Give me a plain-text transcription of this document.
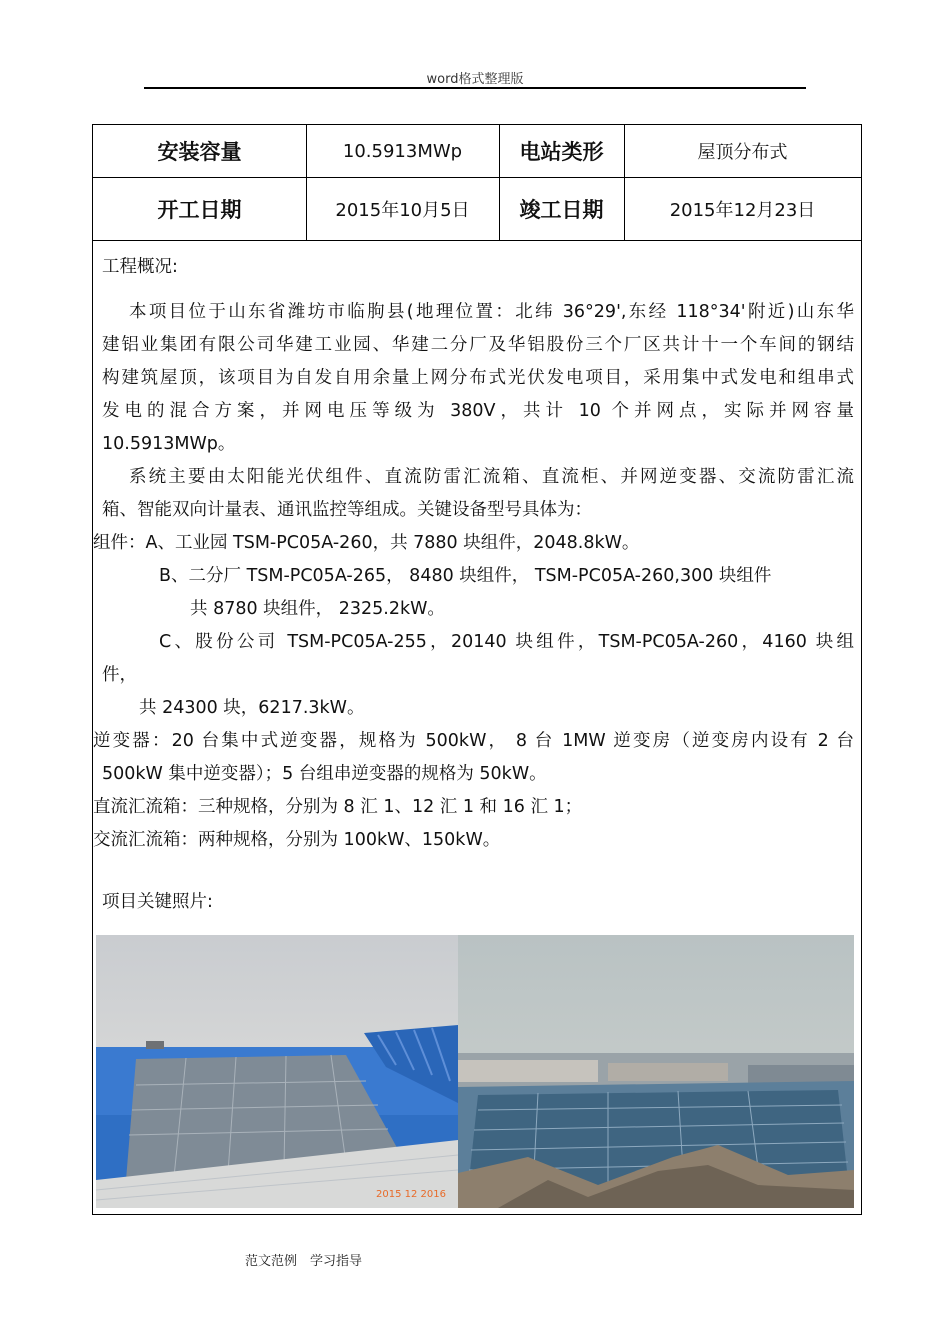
word格式整理版
安装容量	10.5913MWp	电站类形	屋顶分布式
开工日期	2015年10月5日	竣工日期	2015年12月23日
工程概况:
本项目位于山东省潍坊市临朐县(地理位置：北纬 36°29',东经 118°34'附近)山东华
建铝业集团有限公司华建工业园、华建二分厂及华铝股份三个厂区共计十一个车间的钢结
构建筑屋顶，该项目为自发自用余量上网分布式光伏发电项目，采用集中式发电和组串式
发电的混合方案，并网电压等级为 380V，共计 10 个并网点，实际并网容量
10.5913MWp。
系统主要由太阳能光伏组件、直流防雷汇流箱、直流柜、并网逆变器、交流防雷汇流
箱、智能双向计量表、通讯监控等组成。关键设备型号具体为：
组件：A、工业园 TSM-PC05A-260，共 7880 块组件，2048.8kW。
B、二分厂 TSM-PC05A-265， 8480 块组件， TSM-PC05A-260,300 块组件
共 8780 块组件， 2325.2kW。
C、股份公司 TSM-PC05A-255，20140 块组件，TSM-PC05A-260，4160 块组
件，
共 24300 块，6217.3kW。
逆变器：20 台集中式逆变器，规格为 500kW， 8 台 1MW 逆变房（逆变房内设有 2 台
500kW 集中逆变器）；5 台组串逆变器的规格为 50kW。
直流汇流箱：三种规格，分别为 8 汇 1、12 汇 1 和 16 汇 1；
交流汇流箱：两种规格，分别为 100kW、150kW。
项目关键照片:
2015 12 2016
范文范例　学习指导
